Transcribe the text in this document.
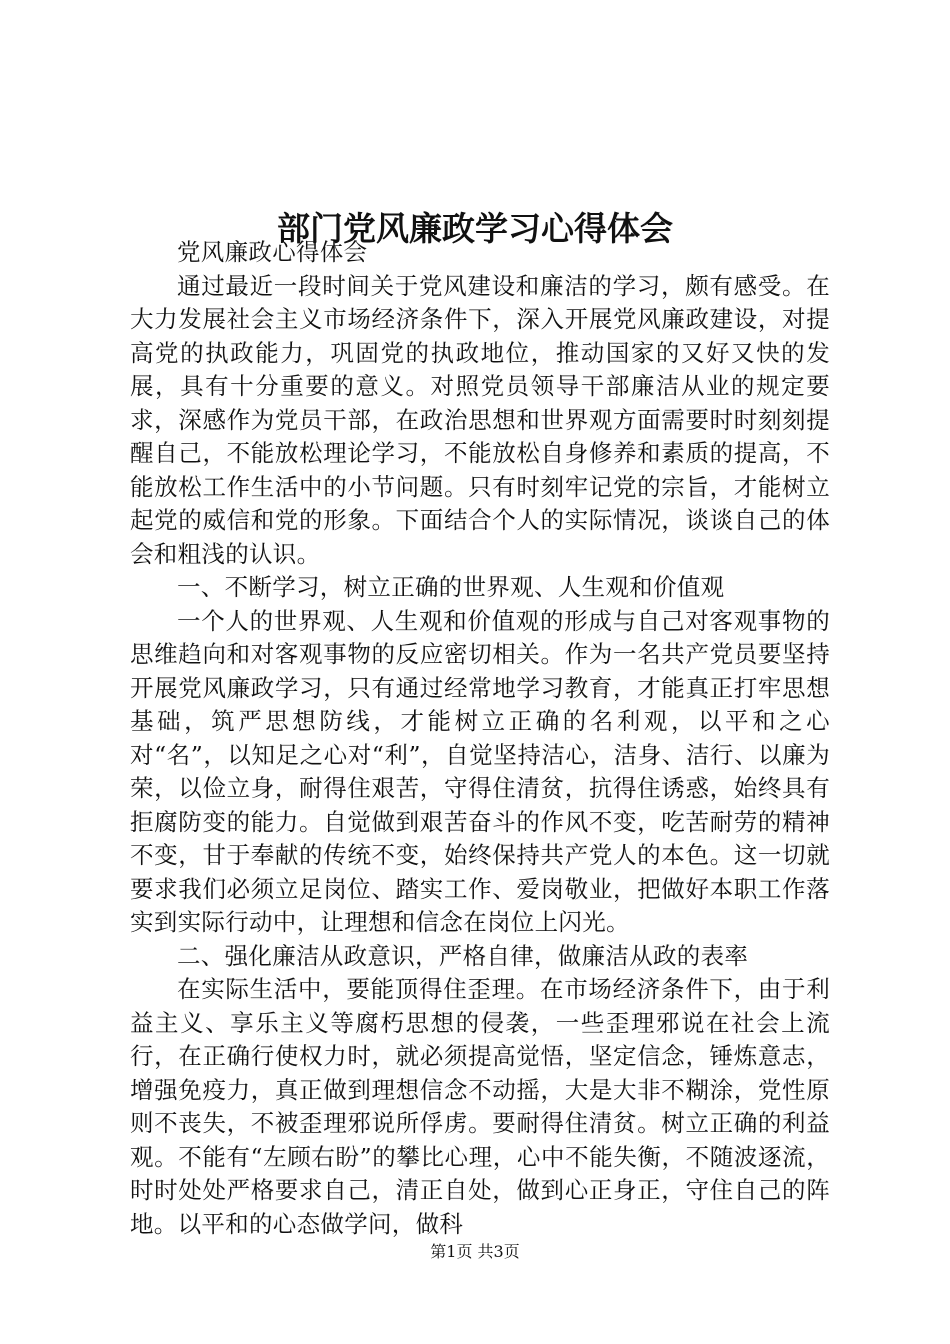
部门党风廉政学习心得体会

党风廉政心得体会

通过最近一段时间关于党风建设和廉洁的学习，颇有感受。在大力发展社会主义市场经济条件下，深入开展党风廉政建设，对提高党的执政能力，巩固党的执政地位，推动国家的又好又快的发展，具有十分重要的意义。对照党员领导干部廉洁从业的规定要求，深感作为党员干部，在政治思想和世界观方面需要时时刻刻提醒自己，不能放松理论学习，不能放松自身修养和素质的提高，不能放松工作生活中的小节问题。只有时刻牢记党的宗旨，才能树立起党的威信和党的形象。下面结合个人的实际情况，谈谈自己的体会和粗浅的认识。

一、不断学习，树立正确的世界观、人生观和价值观

一个人的世界观、人生观和价值观的形成与自己对客观事物的思维趋向和对客观事物的反应密切相关。作为一名共产党员要坚持开展党风廉政学习，只有通过经常地学习教育，才能真正打牢思想基础，筑严思想防线，才能树立正确的名利观，以平和之心对“名”，以知足之心对“利”，自觉坚持洁心，洁身、洁行、以廉为荣，以俭立身，耐得住艰苦，守得住清贫，抗得住诱惑，始终具有拒腐防变的能力。自觉做到艰苦奋斗的作风不变，吃苦耐劳的精神不变，甘于奉献的传统不变，始终保持共产党人的本色。这一切就要求我们必须立足岗位、踏实工作、爱岗敬业，把做好本职工作落实到实际行动中，让理想和信念在岗位上闪光。

二、强化廉洁从政意识，严格自律，做廉洁从政的表率

在实际生活中，要能顶得住歪理。在市场经济条件下，由于利益主义、享乐主义等腐朽思想的侵袭，一些歪理邪说在社会上流行，在正确行使权力时，就必须提高觉悟，坚定信念，锤炼意志，增强免疫力，真正做到理想信念不动摇，大是大非不糊涂，党性原则不丧失，不被歪理邪说所俘虏。要耐得住清贫。树立正确的利益观。不能有“左顾右盼”的攀比心理，心中不能失衡，不随波逐流，时时处处严格要求自己，清正自处，做到心正身正，守住自己的阵地。以平和的心态做学问，做科

第1页 共3页
